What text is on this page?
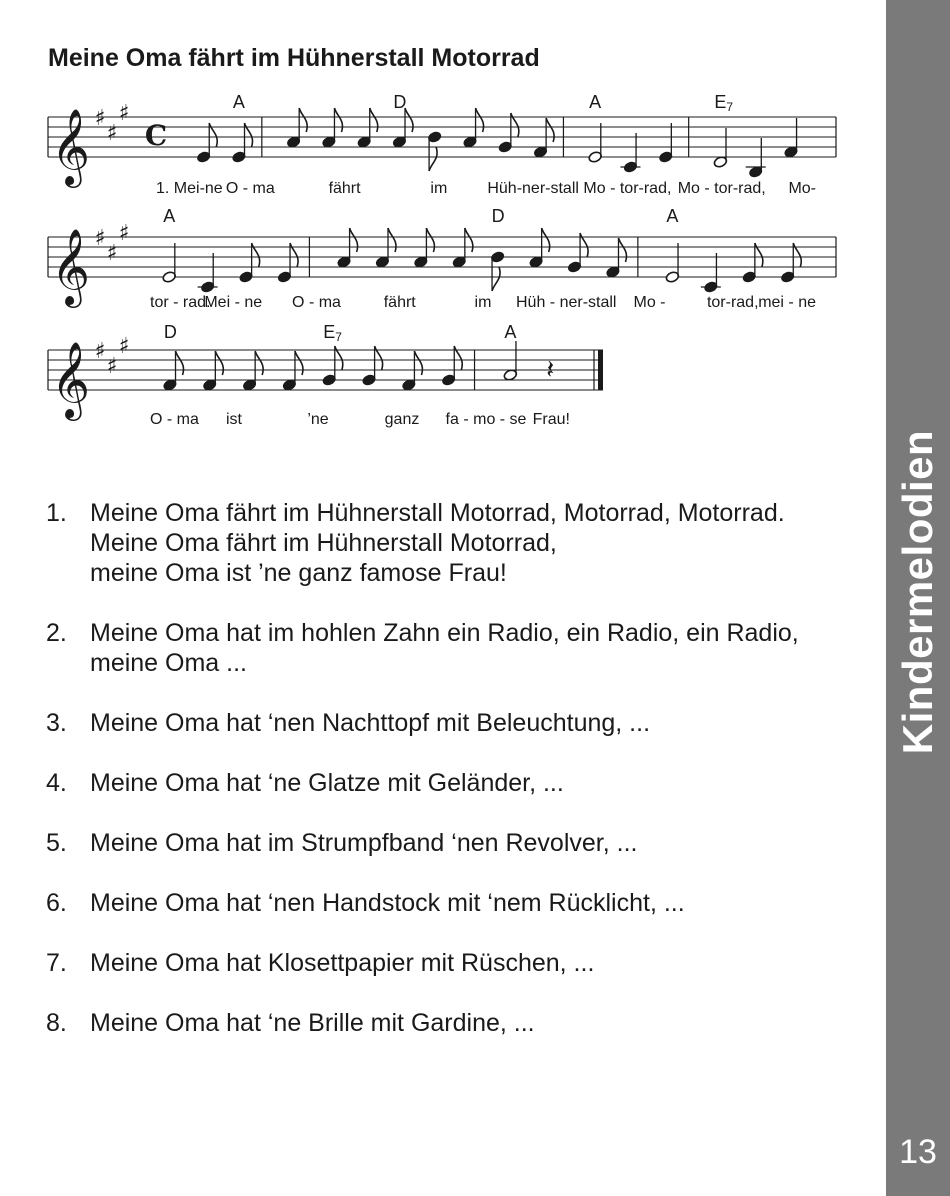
Meine Oma fährt im Hühnerstall Motorrad
𝄞 ♯
♯
♯
C
A	D	A	E7
1. Mei-ne O - ma	fährt	im	Hüh-ner-stall Mo - tor-rad, Mo - tor-rad, Mo-
𝄞 ♯
♯
♯
A	D	A
tor - rad.
Mei - ne O - ma	fährt	im Hüh - ner-stall Mo -	tor-rad, mei - ne
𝄞 ♯
♯
♯
𝄽
D	E7	A
O - ma ist	’ne	ganz fa - mo - se Frau!
1. Meine Oma fährt im Hühnerstall Motorrad, Motorrad, Motorrad.
Meine Oma fährt im Hühnerstall Motorrad,
meine Oma ist ’ne ganz famose Frau!
2. Meine Oma hat im hohlen Zahn ein Radio, ein Radio, ein Radio,
meine Oma ...
3. Meine Oma hat ‘nen Nachttopf mit Beleuchtung, ...
4. Meine Oma hat ‘ne Glatze mit Geländer, ...
5. Meine Oma hat im Strumpfband ‘nen Revolver, ...
6. Meine Oma hat ‘nen Handstock mit ‘nem Rücklicht, ...
7. Meine Oma hat Klosettpapier mit Rüschen, ...
8. Meine Oma hat ‘ne Brille mit Gardine, ...
Kindermelodien
13
